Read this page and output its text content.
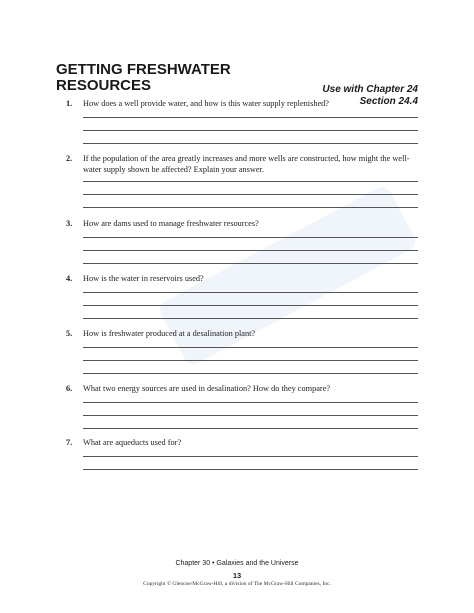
GETTING FRESHWATER
RESOURCES	Use with Chapter 24
Section 24.4
1.	How does a well provide water, and how is this water supply replenished?
2.	If the population of the area greatly increases and more wells are constructed, how might the well-water supply shown be affected? Explain your answer.
3.	How are dams used to manage freshwater resources?
4.	How is the water in reservoirs used?
5.	How is freshwater produced at a desalination plant?
6.	What two energy sources are used in desalination? How do they compare?
7.	What are aqueducts used for?
Chapter 30 • Galaxies and the Universe
13
Copyright © Glencoe/McGraw-Hill, a division of The McGraw-Hill Companies, Inc.
